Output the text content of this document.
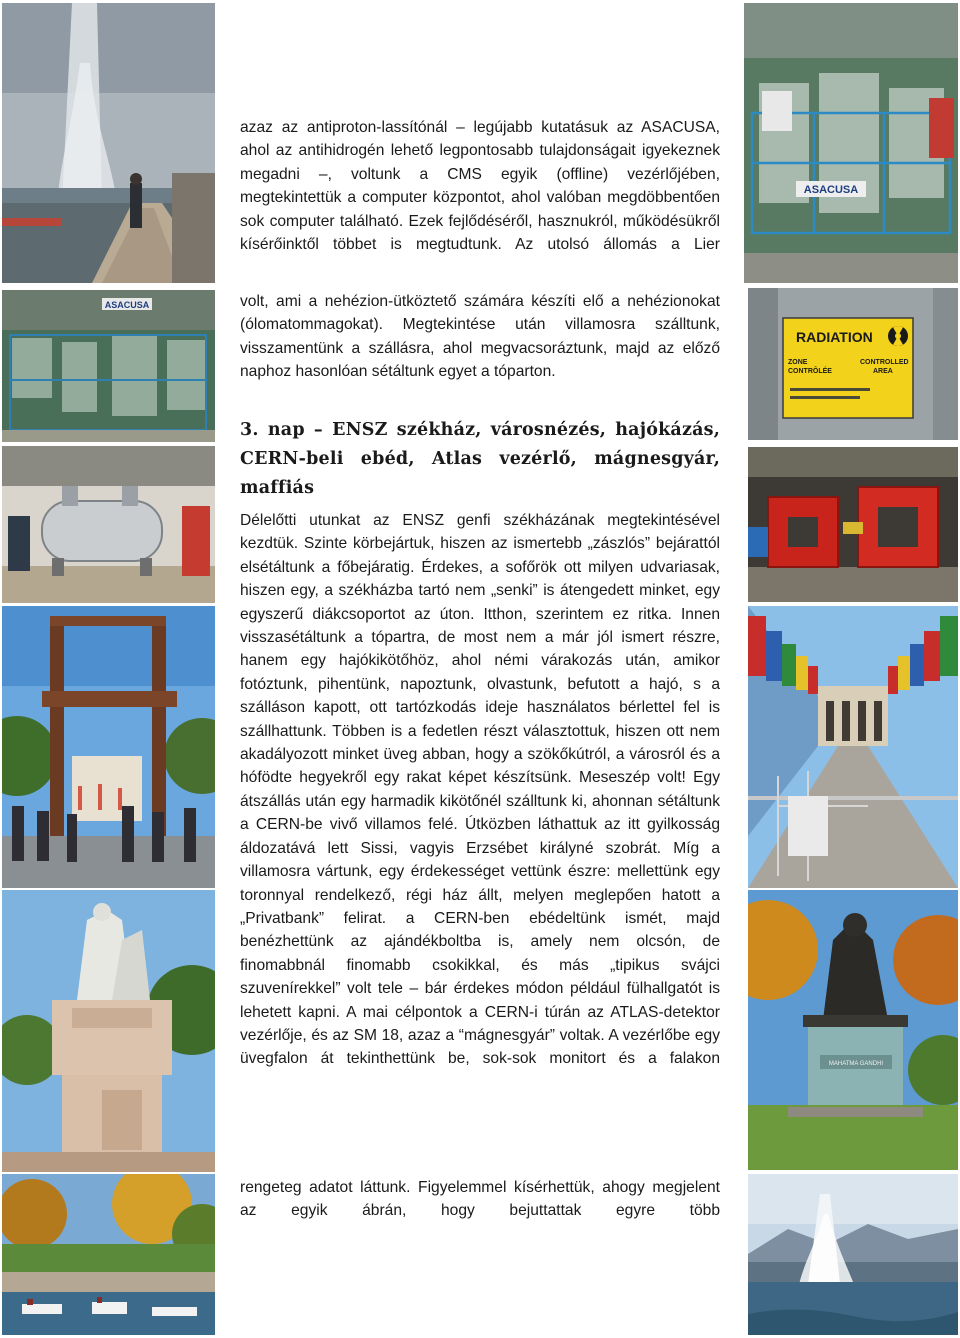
ASACUSA
ASACUSA
RADIATION
ZONE
CONTRÔLÉE
CONTROLLED
AREA
MAHATMA GANDHI

azaz az antiproton-lassítónál – legújabb kutatásuk az ASACUSA, ahol az antihidrogén lehető legpontosabb tulajdonságait igyekeznek megadni –, voltunk a CMS egyik (offline) vezérlőjében, megtekintettük a computer központot, ahol valóban megdöbbentően sok computer található. Ezek fejlődéséről, hasznukról, működésükről kísérőinktől többet is megtudtunk. Az utolsó állomás a Lier

volt, ami a nehézion-ütköztető számára készíti elő a nehézionokat (ólomatommagokat). Megtekintése után villamosra szálltunk, visszamentünk a szállásra, ahol megvacsoráztunk, majd az előző naphoz hasonlóan sétáltunk egyet a tóparton.

3. nap – ENSZ székház, városnézés, hajókázás, CERN-beli ebéd, Atlas vezérlő, mágnesgyár, maffiás

Délelőtti utunkat az ENSZ genfi székházának megtekintésével kezdtük. Szinte körbejártuk, hiszen az ismertebb „zászlós” bejárattól elsétáltunk a főbejáratig. Érdekes, a sofőrök ott milyen udvariasak, hiszen egy, a székházba tartó nem „senki” is átengedett minket, egy egyszerű diákcsoportot az úton. Itthon, szerintem ez ritka. Innen visszasétáltunk a tópartra, de most nem a már jól ismert részre, hanem egy hajókikötőhöz, ahol némi várakozás után, amikor fotóztunk, pihentünk, napoztunk, olvastunk, befutott a hajó, s a szálláson kapott, ott tartózkodás ideje használatos bérlettel fel is szállhattunk. Többen is a fedetlen részt választottuk, hiszen ott nem akadályozott minket üveg abban, hogy a szökőkútról, a városról és a hófödte hegyekről egy rakat képet készítsünk. Meseszép volt! Egy átszállás után egy harmadik kikötőnél szálltunk ki, ahonnan sétáltunk a CERN-be vivő villamos felé. Útközben láthattuk az itt gyilkosság áldozatává lett Sissi, vagyis Erzsébet királyné szobrát. Míg a villamosra vártunk, egy érdekességet vettünk észre: mellettünk egy toronnyal rendelkező, régi ház állt, melyen meglepően hatott a „Privatbank” felirat. a CERN-ben ebédeltünk ismét, majd benézhettünk az ajándékboltba is, amely nem olcsón, de finomabbnál finomabb csokikkal, és más „tipikus svájci szuvenírekkel” volt tele – bár érdekes módon például fülhallgatót is lehetett kapni. A mai célpontok a CERN-i túrán az ATLAS-detektor vezérlője, és az SM 18, azaz a “mágnesgyár” voltak. A vezérlőbe egy üvegfalon át tekinthettünk be, sok-sok monitort és a falakon

rengeteg adatot láttunk. Figyelemmel kísérhettük, ahogy megjelent az egyik ábrán, hogy bejuttattak egyre több
